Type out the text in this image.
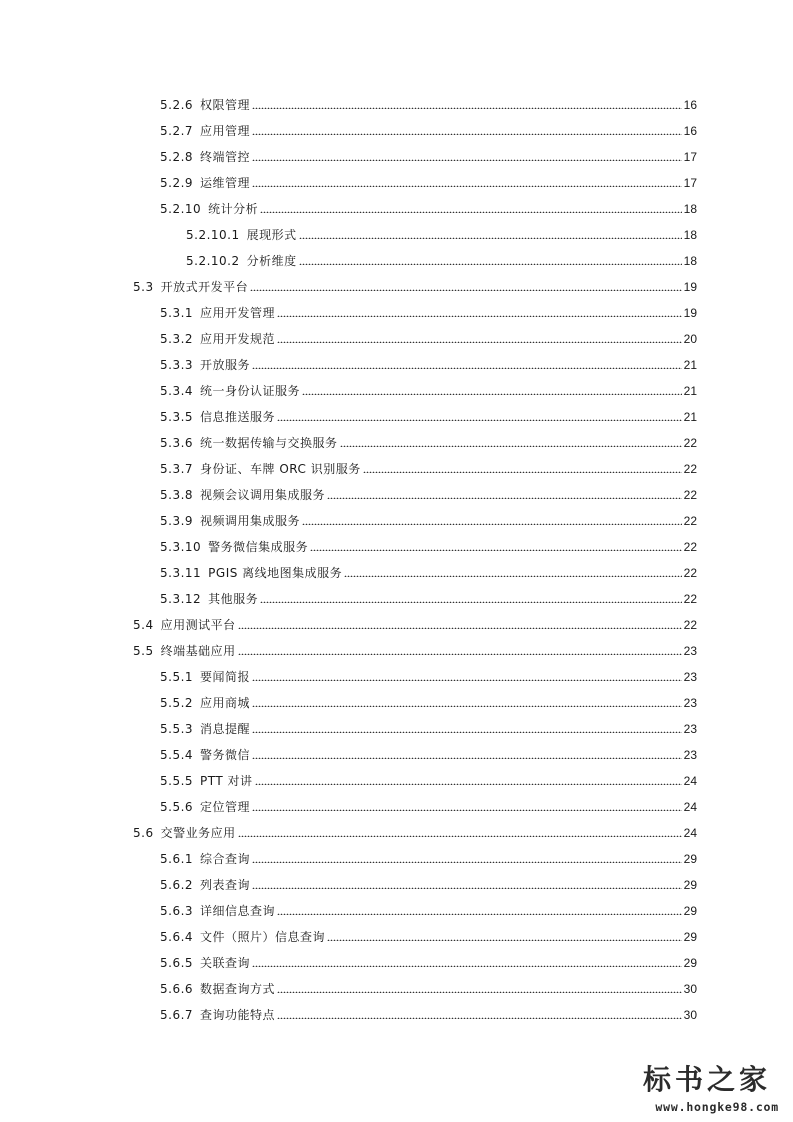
5.2.6 权限管理	16
5.2.7 应用管理	16
5.2.8 终端管控	17
5.2.9 运维管理	17
5.2.10 统计分析	18
5.2.10.1 展现形式	18
5.2.10.2 分析维度	18
5.3 开放式开发平台	19
5.3.1 应用开发管理	19
5.3.2 应用开发规范	20
5.3.3 开放服务	21
5.3.4 统一身份认证服务	21
5.3.5 信息推送服务	21
5.3.6 统一数据传输与交换服务	22
5.3.7 身份证、车牌 ORC 识别服务	22
5.3.8 视频会议调用集成服务	22
5.3.9 视频调用集成服务	22
5.3.10 警务微信集成服务	22
5.3.11 PGIS 离线地图集成服务	22
5.3.12 其他服务	22
5.4 应用测试平台	22
5.5 终端基础应用	23
5.5.1 要闻简报	23
5.5.2 应用商城	23
5.5.3 消息提醒	23
5.5.4 警务微信	23
5.5.5 PTT 对讲	24
5.5.6 定位管理	24
5.6 交警业务应用	24
5.6.1 综合查询	29
5.6.2 列表查询	29
5.6.3 详细信息查询	29
5.6.4 文件（照片）信息查询	29
5.6.5 关联查询	29
5.6.6 数据查询方式	30
5.6.7 查询功能特点	30
标书之家
www.hongke98.com
